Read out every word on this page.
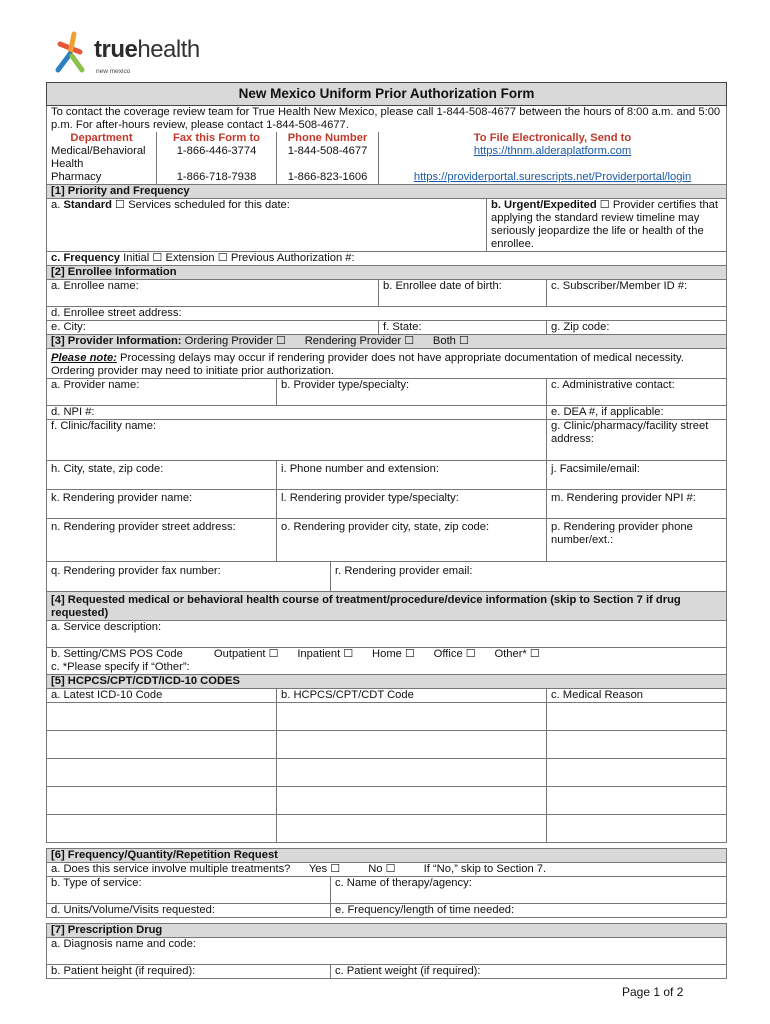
truehealth
new mexico
New Mexico Uniform Prior Authorization Form						
To contact the coverage review team for True Health New Mexico, please call 1-844-508-4677 between the hours of 8:00 a.m. and 5:00 p.m. For after-hours review, please contact 1-844-508-4677.						
Department	Fax this Form to	Phone Number		To File Electronically, Send to		
Medical/Behavioral Health	1-866-446-3774	1-844-508-4677		https://thnm.alderaplatform.com		
Pharmacy	1-866-718-7938	1-866-823-1606		https://providerportal.surescripts.net/Providerportal/login		
[1] Priority and Frequency						
a. Standard ☐ Services scheduled for this date:					b. Urgent/Expedited ☐ Provider certifies that applying the standard review timeline may seriously jeopardize the life or health of the enrollee.	
c. Frequency Initial ☐ Extension ☐ Previous Authorization #:						
[2] Enrollee Information						
a. Enrollee name:				b. Enrollee date of birth:		c. Subscriber/Member ID #:
d. Enrollee street address:						
e. City:				f. State:		g. Zip code:
[3] Provider Information: Ordering Provider ☐      Rendering Provider ☐      Both ☐						
Please note: Processing delays may occur if rendering provider does not have appropriate documentation of medical necessity. Ordering provider may need to initiate prior authorization.						
a. Provider name:		b. Provider type/specialty:				c. Administrative contact:
d. NPI #:						e. DEA #, if applicable:
f. Clinic/facility name:						g. Clinic/pharmacy/facility street address:
h. City, state, zip code:		i. Phone number and extension:				j. Facsimile/email:
k. Rendering provider name:		l. Rendering provider type/specialty:				m. Rendering provider NPI #:
n. Rendering provider street address:		o. Rendering provider city, state, zip code:				p. Rendering provider phone number/ext.:
q. Rendering provider fax number:			r. Rendering provider email:			
[4] Requested medical or behavioral health course of treatment/procedure/device information (skip to Section 7 if drug requested)						
a. Service description:						
b. Setting/CMS POS Code          Outpatient ☐      Inpatient ☐      Home ☐      Office ☐      Other* ☐						
c. *Please specify if “Other”:						
[5] HCPCS/CPT/CDT/ICD-10 CODES						
a. Latest ICD-10 Code		b. HCPCS/CPT/CDT Code				c. Medical Reason

[6] Frequency/Quantity/Repetition Request						
a. Does this service involve multiple treatments?      Yes ☐         No ☐         If “No,” skip to Section 7.						
b. Type of service:			c. Name of therapy/agency:			
d. Units/Volume/Visits requested:			e. Frequency/length of time needed:			

[7] Prescription Drug						
a. Diagnosis name and code:						
b. Patient height (if required):			c. Patient weight (if required):			
Page 1 of 2
